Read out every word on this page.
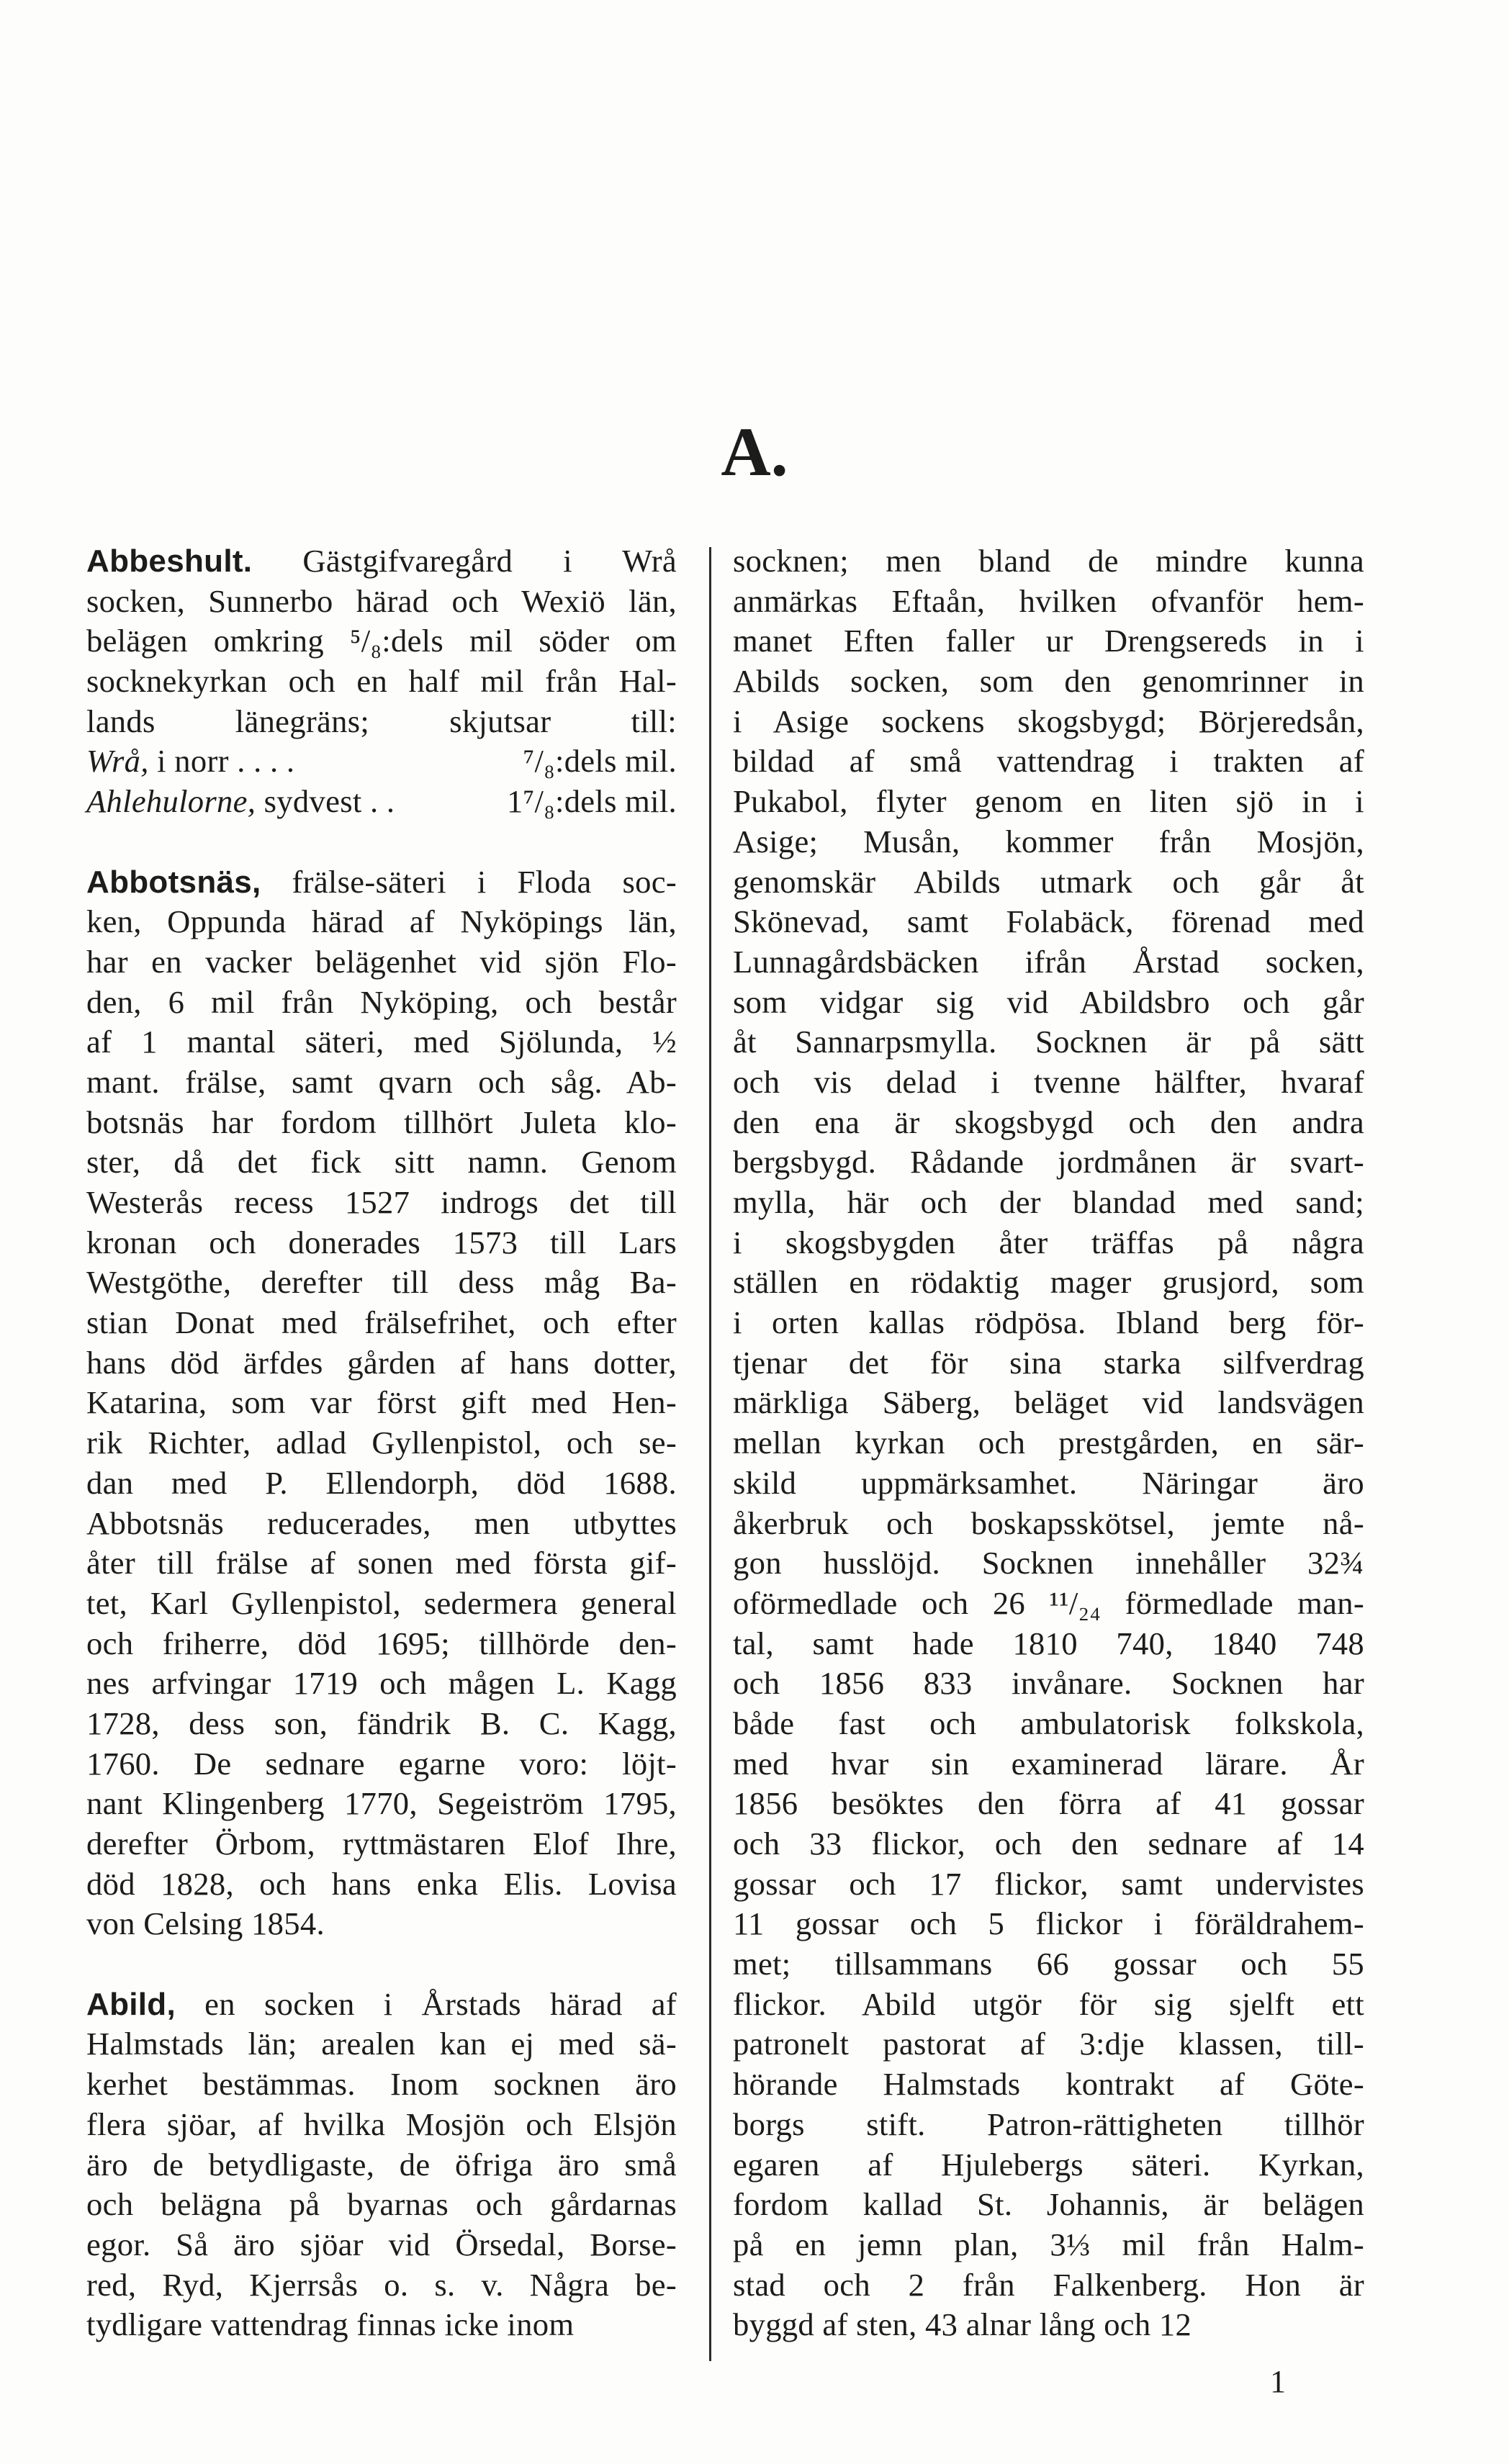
A.
Abbeshult. Gästgifvaregård i Wrå
socken, Sunnerbo härad och Wexiö län,
belägen omkring ⁵/₈:dels mil söder om
socknekyrkan och en half mil från Hal-
lands länegräns; skjutsar till:
Wrå, i norr . . . .	⁷/₈:dels mil.
Ahlehulorne, sydvest . .	1⁷/₈:dels mil.
Abbotsnäs, frälse-säteri i Floda soc-
ken, Oppunda härad af Nyköpings län,
har en vacker belägenhet vid sjön Flo-
den, 6 mil från Nyköping, och består
af 1 mantal säteri, med Sjölunda, ½
mant. frälse, samt qvarn och såg. Ab-
botsnäs har fordom tillhört Juleta klo-
ster, då det fick sitt namn. Genom
Westerås recess 1527 indrogs det till
kronan och donerades 1573 till Lars
Westgöthe, derefter till dess måg Ba-
stian Donat med frälsefrihet, och efter
hans död ärfdes gården af hans dotter,
Katarina, som var först gift med Hen-
rik Richter, adlad Gyllenpistol, och se-
dan med P. Ellendorph, död 1688.
Abbotsnäs reducerades, men utbyttes
åter till frälse af sonen med första gif-
tet, Karl Gyllenpistol, sedermera general
och friherre, död 1695; tillhörde den-
nes arfvingar 1719 och mågen L. Kagg
1728, dess son, fändrik B. C. Kagg,
1760. De sednare egarne voro: löjt-
nant Klingenberg 1770, Segeiström 1795,
derefter Örbom, ryttmästaren Elof Ihre,
död 1828, och hans enka Elis. Lovisa
von Celsing 1854.
Abild, en socken i Årstads härad af
Halmstads län; arealen kan ej med sä-
kerhet bestämmas. Inom socknen äro
flera sjöar, af hvilka Mosjön och Elsjön
äro de betydligaste, de öfriga äro små
och belägna på byarnas och gårdarnas
egor. Så äro sjöar vid Örsedal, Borse-
red, Ryd, Kjerrsås o. s. v. Några be-
tydligare vattendrag finnas icke inom
socknen; men bland de mindre kunna
anmärkas Eftaån, hvilken ofvanför hem-
manet Eften faller ur Drengsereds in i
Abilds socken, som den genomrinner in
i Asige sockens skogsbygd; Börjeredsån,
bildad af små vattendrag i trakten af
Pukabol, flyter genom en liten sjö in i
Asige; Musån, kommer från Mosjön,
genomskär Abilds utmark och går åt
Skönevad, samt Folabäck, förenad med
Lunnagårdsbäcken ifrån Årstad socken,
som vidgar sig vid Abildsbro och går
åt Sannarpsmylla. Socknen är på sätt
och vis delad i tvenne hälfter, hvaraf
den ena är skogsbygd och den andra
bergsbygd. Rådande jordmånen är svart-
mylla, här och der blandad med sand;
i skogsbygden åter träffas på några
ställen en rödaktig mager grusjord, som
i orten kallas rödpösa. Ibland berg för-
tjenar det för sina starka silfverdrag
märkliga Säberg, beläget vid landsvägen
mellan kyrkan och prestgården, en sär-
skild uppmärksamhet. Näringar äro
åkerbruk och boskapsskötsel, jemte nå-
gon husslöjd. Socknen innehåller 32¾
oförmedlade och 26 ¹¹/₂₄ förmedlade man-
tal, samt hade 1810 740, 1840 748
och 1856 833 invånare. Socknen har
både fast och ambulatorisk folkskola,
med hvar sin examinerad lärare. År
1856 besöktes den förra af 41 gossar
och 33 flickor, och den sednare af 14
gossar och 17 flickor, samt undervistes
11 gossar och 5 flickor i föräldrahem-
met; tillsammans 66 gossar och 55
flickor. Abild utgör för sig sjelft ett
patronelt pastorat af 3:dje klassen, till-
hörande Halmstads kontrakt af Göte-
borgs stift. Patron-rättigheten tillhör
egaren af Hjulebergs säteri. Kyrkan,
fordom kallad St. Johannis, är belägen
på en jemn plan, 3⅓ mil från Halm-
stad och 2 från Falkenberg. Hon är
byggd af sten, 43 alnar lång och 12
1
